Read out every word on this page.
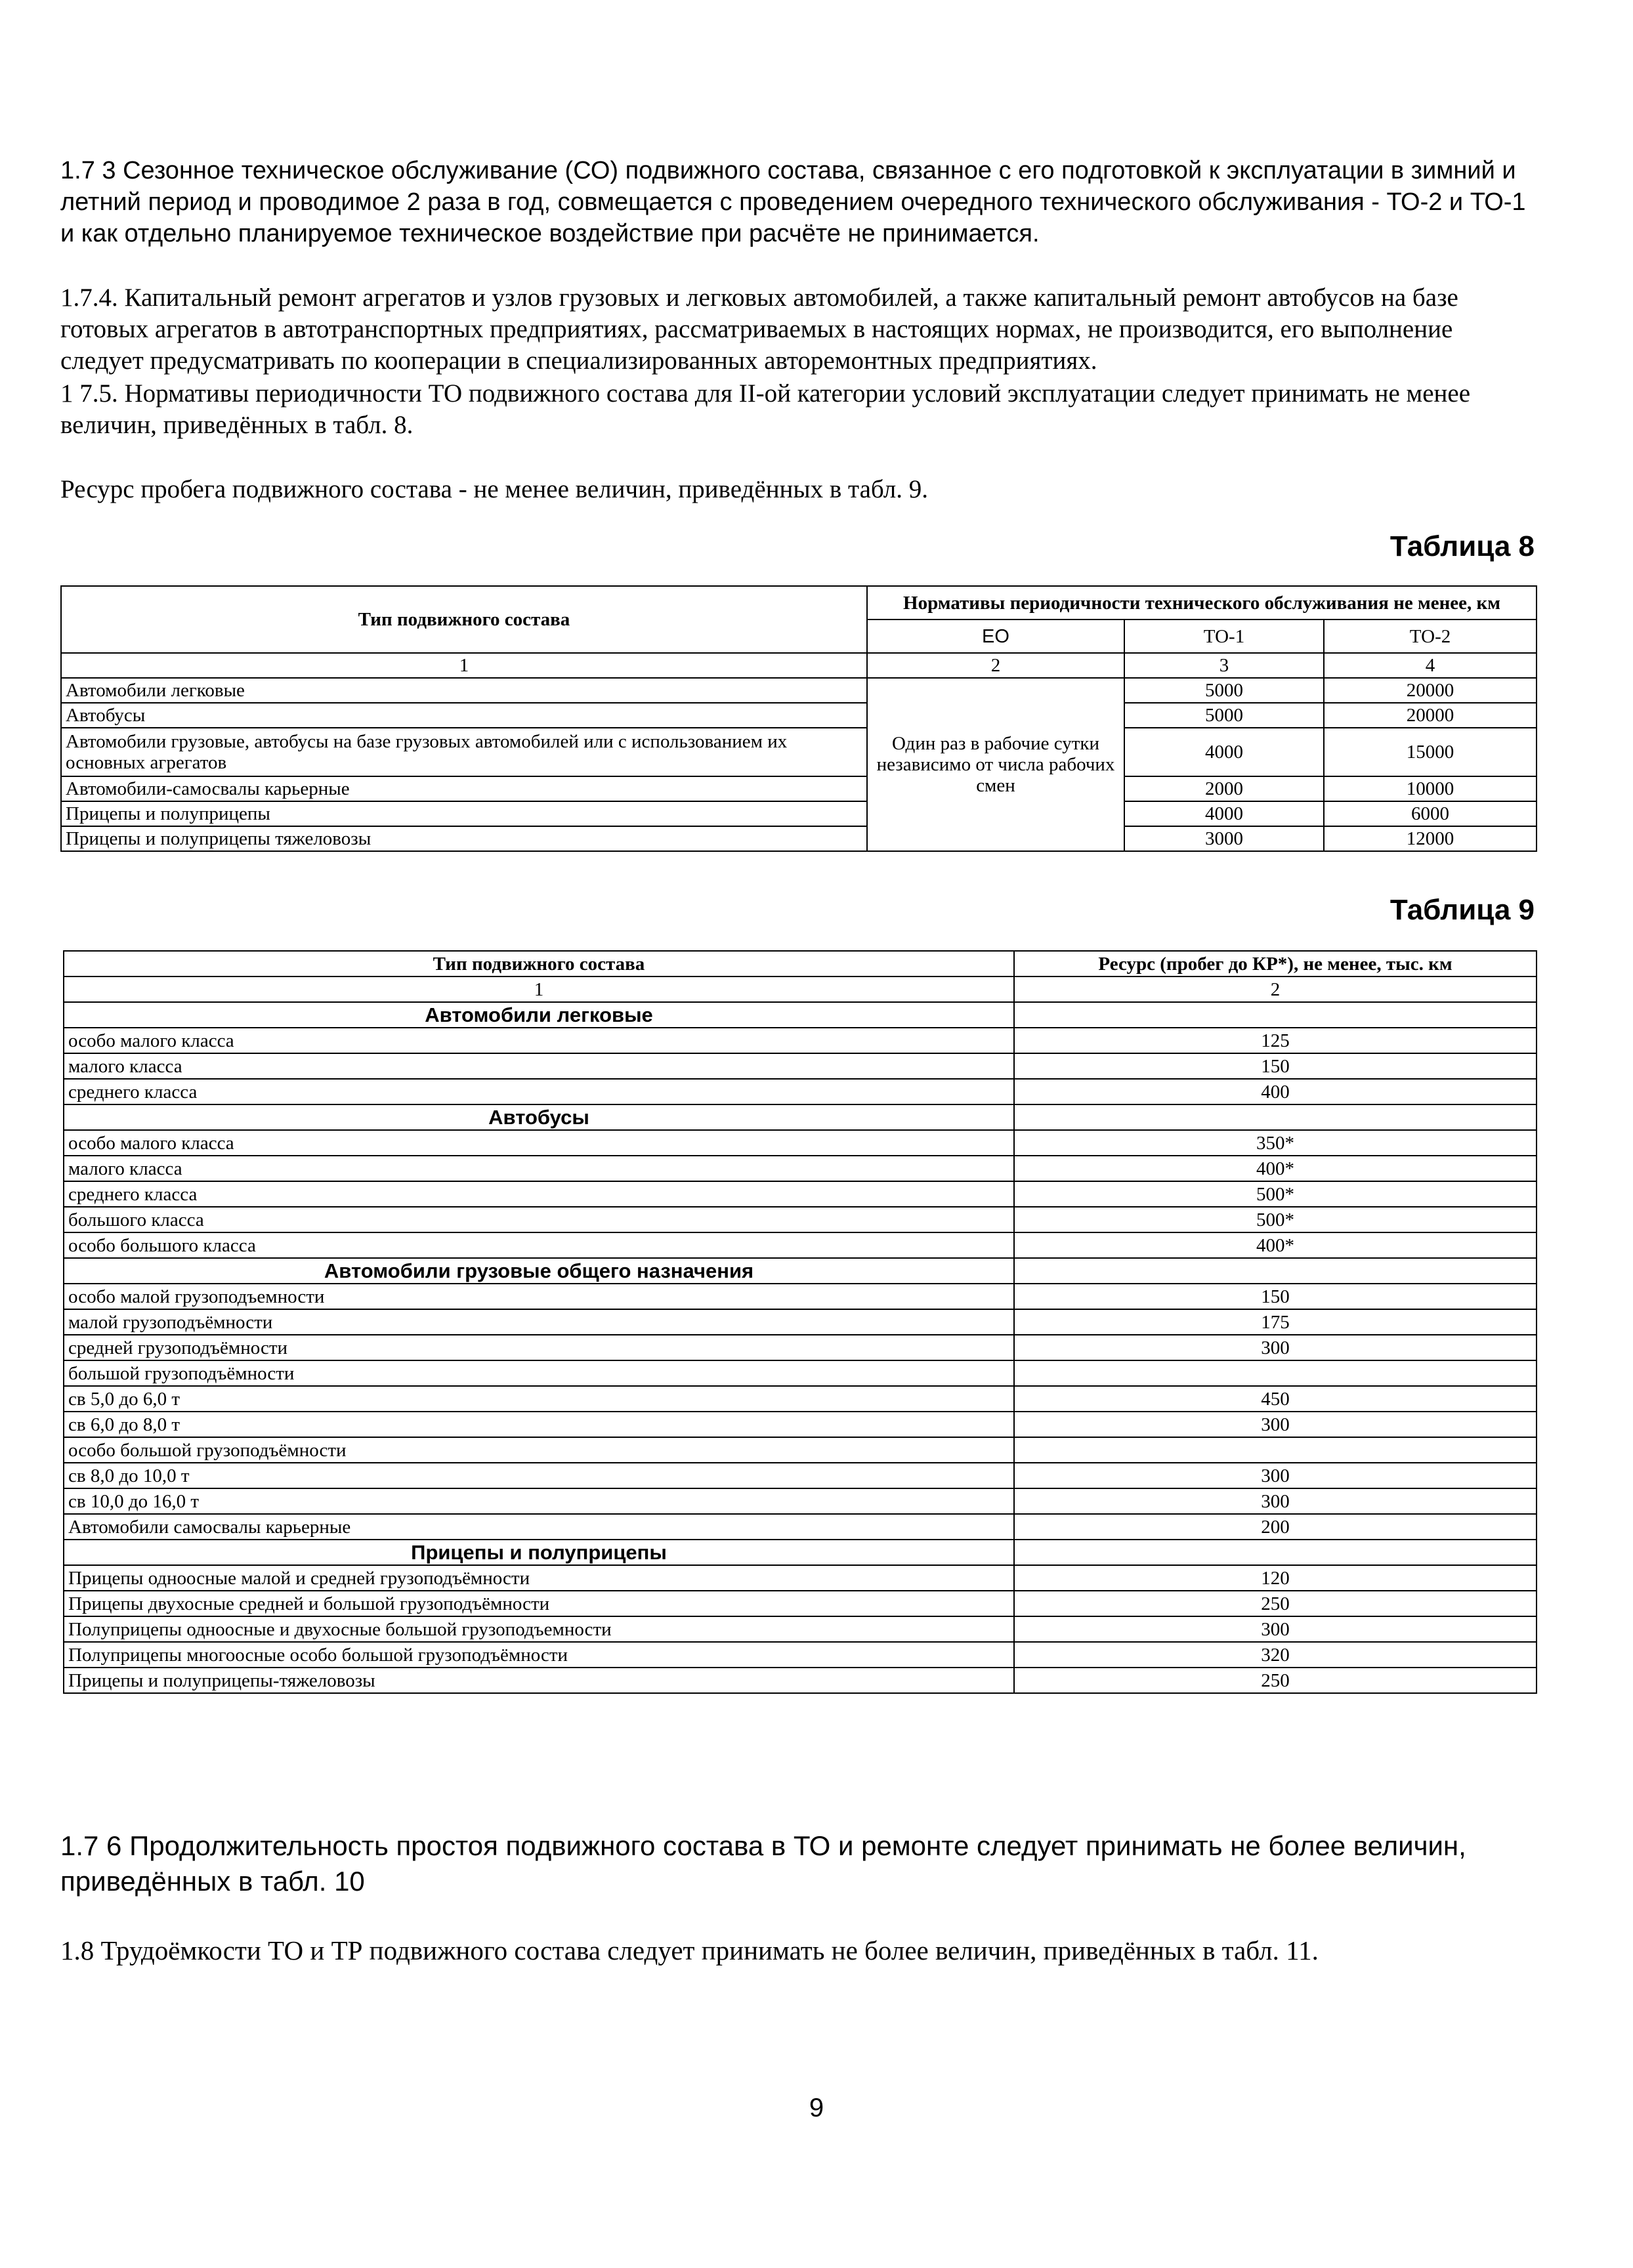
1.7 3 Сезонное техническое обслуживание (СО) подвижного состава, связанное с его подготовкой к эксплуатации в зимний и летний период и проводимое 2 раза в год, совмещается с проведением очередного технического обслуживания - ТО-2 и ТО-1 и как отдельно планируемое техническое воздействие при расчёте не принимается.

1.7.4. Капитальный ремонт агрегатов и узлов грузовых и легковых автомобилей, а также капитальный ремонт автобусов на базе готовых агрегатов в автотранспортных предприятиях, рассматриваемых в настоящих нормах, не производится, его выполнение следует предусматривать по кооперации в специализированных авторемонтных предприятиях.

1 7.5. Нормативы периодичности ТО подвижного состава для II-ой категории условий эксплуатации следует принимать не менее величин, приведённых в табл. 8.

Ресурс пробега подвижного состава - не менее величин, приведённых в табл. 9.

Таблица 8
Тип подвижного состава	Нормативы периодичности технического обслуживания не менее, км		
	ЕО	ТО-1	ТО-2
1	2	3	4
Автомобили легковые	Один раз в рабочие сутки независимо от числа рабочих смен	5000	20000
Автобусы		5000	20000
Автомобили грузовые, автобусы на базе грузовых автомобилей или с использованием их основных агрегатов		4000	15000
Автомобили-самосвалы карьерные		2000	10000
Прицепы и полуприцепы		4000	6000
Прицепы и полуприцепы тяжеловозы		3000	12000
Таблица 9
Тип подвижного состава	Ресурс (пробег до КР*), не менее, тыс. км
1	2
Автомобили легковые	
особо малого класса	125
малого класса	150
среднего класса	400
Автобусы	
особо малого класса	350*
малого класса	400*
среднего класса	500*
большого класса	500*
особо большого класса	400*
Автомобили грузовые общего назначения	
особо малой грузоподъемности	150
малой грузоподъёмности	175
средней грузоподъёмности	300
большой грузоподъёмности	
св 5,0 до 6,0 т	450
св 6,0 до 8,0 т	300
особо большой грузоподъёмности	
св 8,0 до 10,0 т	300
св 10,0 до 16,0 т	300
Автомобили самосвалы карьерные	200
Прицепы и полуприцепы	
Прицепы одноосные малой и средней грузоподъёмности	120
Прицепы двухосные средней и большой грузоподъёмности	250
Полуприцепы одноосные и двухосные большой грузоподъемности	300
Полуприцепы многоосные особо большой грузоподъёмности	320
Прицепы и полуприцепы-тяжеловозы	250

1.7 6 Продолжительность простоя подвижного состава в ТО и ремонте следует принимать не более величин, приведённых в табл. 10

1.8 Трудоёмкости ТО и ТР подвижного состава следует принимать не более величин, приведённых в табл. 11.

9
